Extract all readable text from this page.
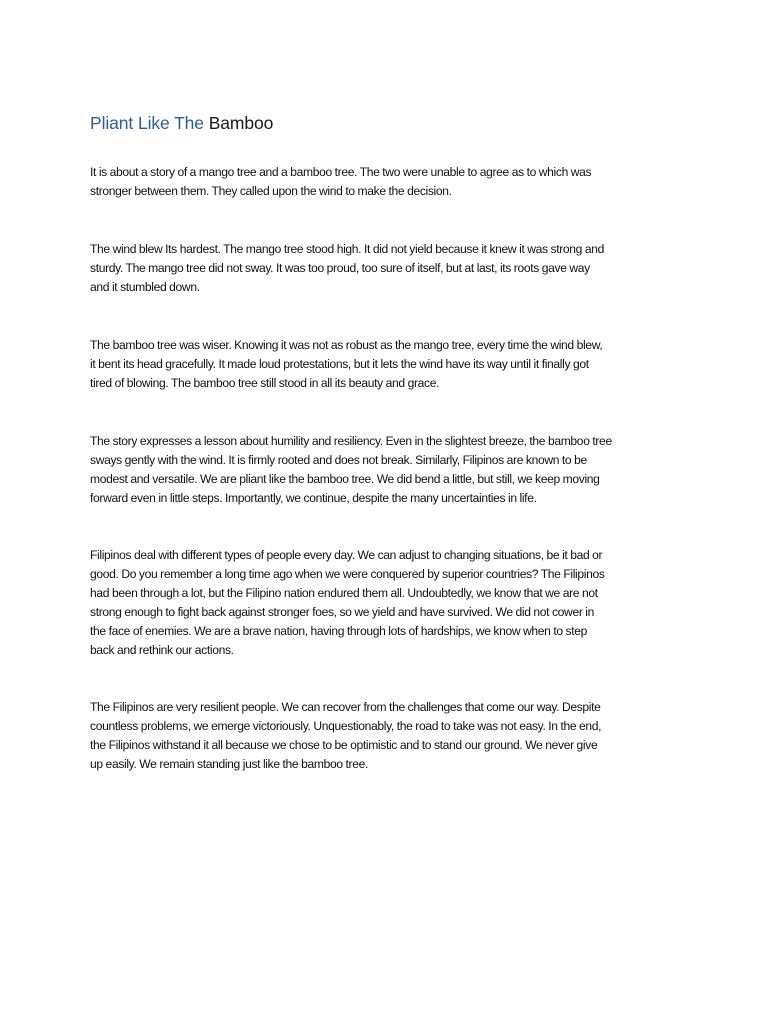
Pliant Like The Bamboo

It is about a story of a mango tree and a bamboo tree. The two were unable to agree as to which was
stronger between them. They called upon the wind to make the decision.

The wind blew Its hardest. The mango tree stood high. It did not yield because it knew it was strong and
sturdy. The mango tree did not sway. It was too proud, too sure of itself, but at last, its roots gave way
and it stumbled down.

The bamboo tree was wiser. Knowing it was not as robust as the mango tree, every time the wind blew,
it bent its head gracefully. It made loud protestations, but it lets the wind have its way until it finally got
tired of blowing. The bamboo tree still stood in all its beauty and grace.

The story expresses a lesson about humility and resiliency. Even in the slightest breeze, the bamboo tree
sways gently with the wind. It is firmly rooted and does not break. Similarly, Filipinos are known to be
modest and versatile. We are pliant like the bamboo tree. We did bend a little, but still, we keep moving
forward even in little steps. Importantly, we continue, despite the many uncertainties in life.

Filipinos deal with different types of people every day. We can adjust to changing situations, be it bad or
good. Do you remember a long time ago when we were conquered by superior countries? The Filipinos
had been through a lot, but the Filipino nation endured them all. Undoubtedly, we know that we are not
strong enough to fight back against stronger foes, so we yield and have survived. We did not cower in
the face of enemies. We are a brave nation, having through lots of hardships, we know when to step
back and rethink our actions.

The Filipinos are very resilient people. We can recover from the challenges that come our way. Despite
countless problems, we emerge victoriously. Unquestionably, the road to take was not easy. In the end,
the Filipinos withstand it all because we chose to be optimistic and to stand our ground. We never give
up easily. We remain standing just like the bamboo tree.
